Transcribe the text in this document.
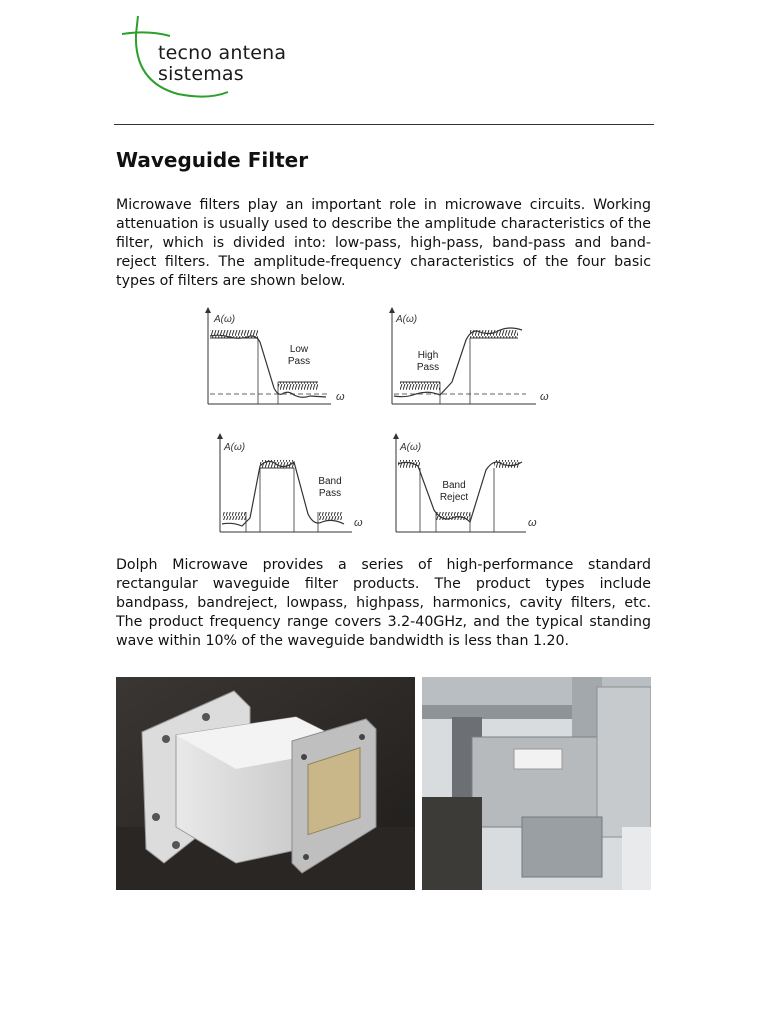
tecno antena
sistemas
Waveguide Filter

Microwave filters play an important role in microwave circuits. Working attenuation is usually used to describe the amplitude characteristics of the filter, which is divided into: low-pass, high-pass, band-pass and band-reject filters. The amplitude-frequency characteristics of the four basic types of filters are shown below.

A(ω)
ω
Low
Pass
A(ω)
ω
High
Pass
A(ω)
ω
Band
Pass
A(ω)
ω
Band
Reject

Dolph Microwave provides a series of high-performance standard rectangular waveguide filter products. The product types include bandpass, bandreject, lowpass, highpass, harmonics, cavity filters, etc. The product frequency range covers 3.2-40GHz, and the typical standing wave within 10% of the waveguide bandwidth is less than 1.20.
